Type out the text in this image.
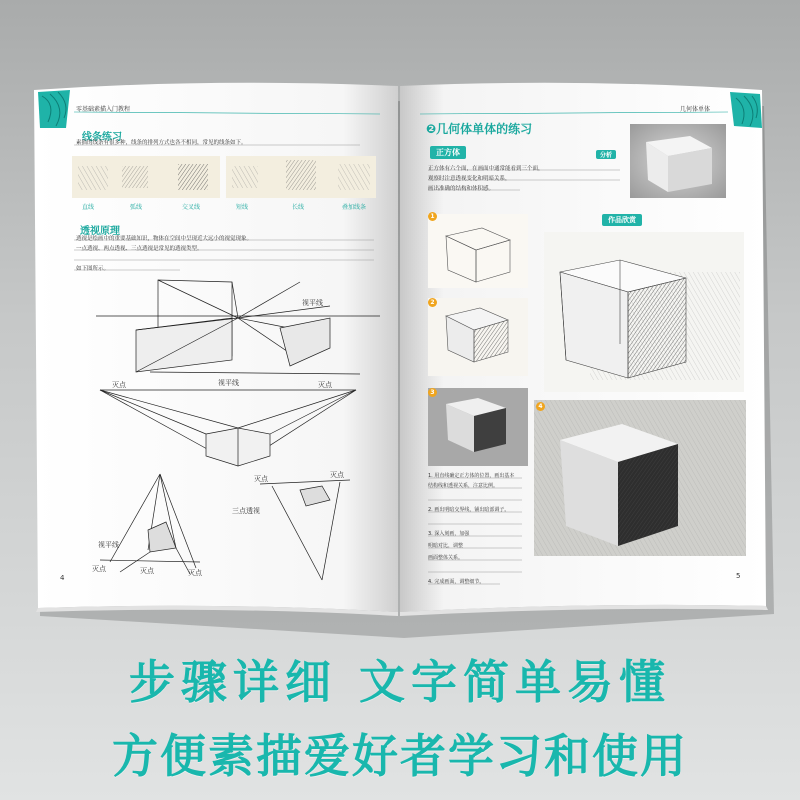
零基础素描入门教程
线条练习
素描的线条有很多种，线条的排列方式也各不相同，常见的线条如下。
直线	弧线	交叉线	短线	长线	叠加线条
透视原理
透视是绘画中的重要基础知识，物体在空间中呈现近大远小的视觉现象。
一点透视、两点透视、三点透视是常见的透视类型。
如下图所示。
视平线
灭点	视平线	灭点
灭点	灭点
三点透视
视平线
灭点	灭点	灭点
4
几何体单体
❷几何体单体的练习
正方体	分析
正方体有六个面，在画面中通常能看到三个面，
观察时注意透视变化和明暗关系，
画出准确的结构和体积感。
作品欣赏
1
2
3
4
1. 用直线确定正方体的位置，画出基本
结构线和透视关系，注意比例。
2. 画出明暗交界线，铺出暗部调子。
3. 深入刻画，加强
明暗对比，调整
画面整体关系。
4. 完成画面，调整细节。
5
步骤详细 文字简单易懂
方便素描爱好者学习和使用
